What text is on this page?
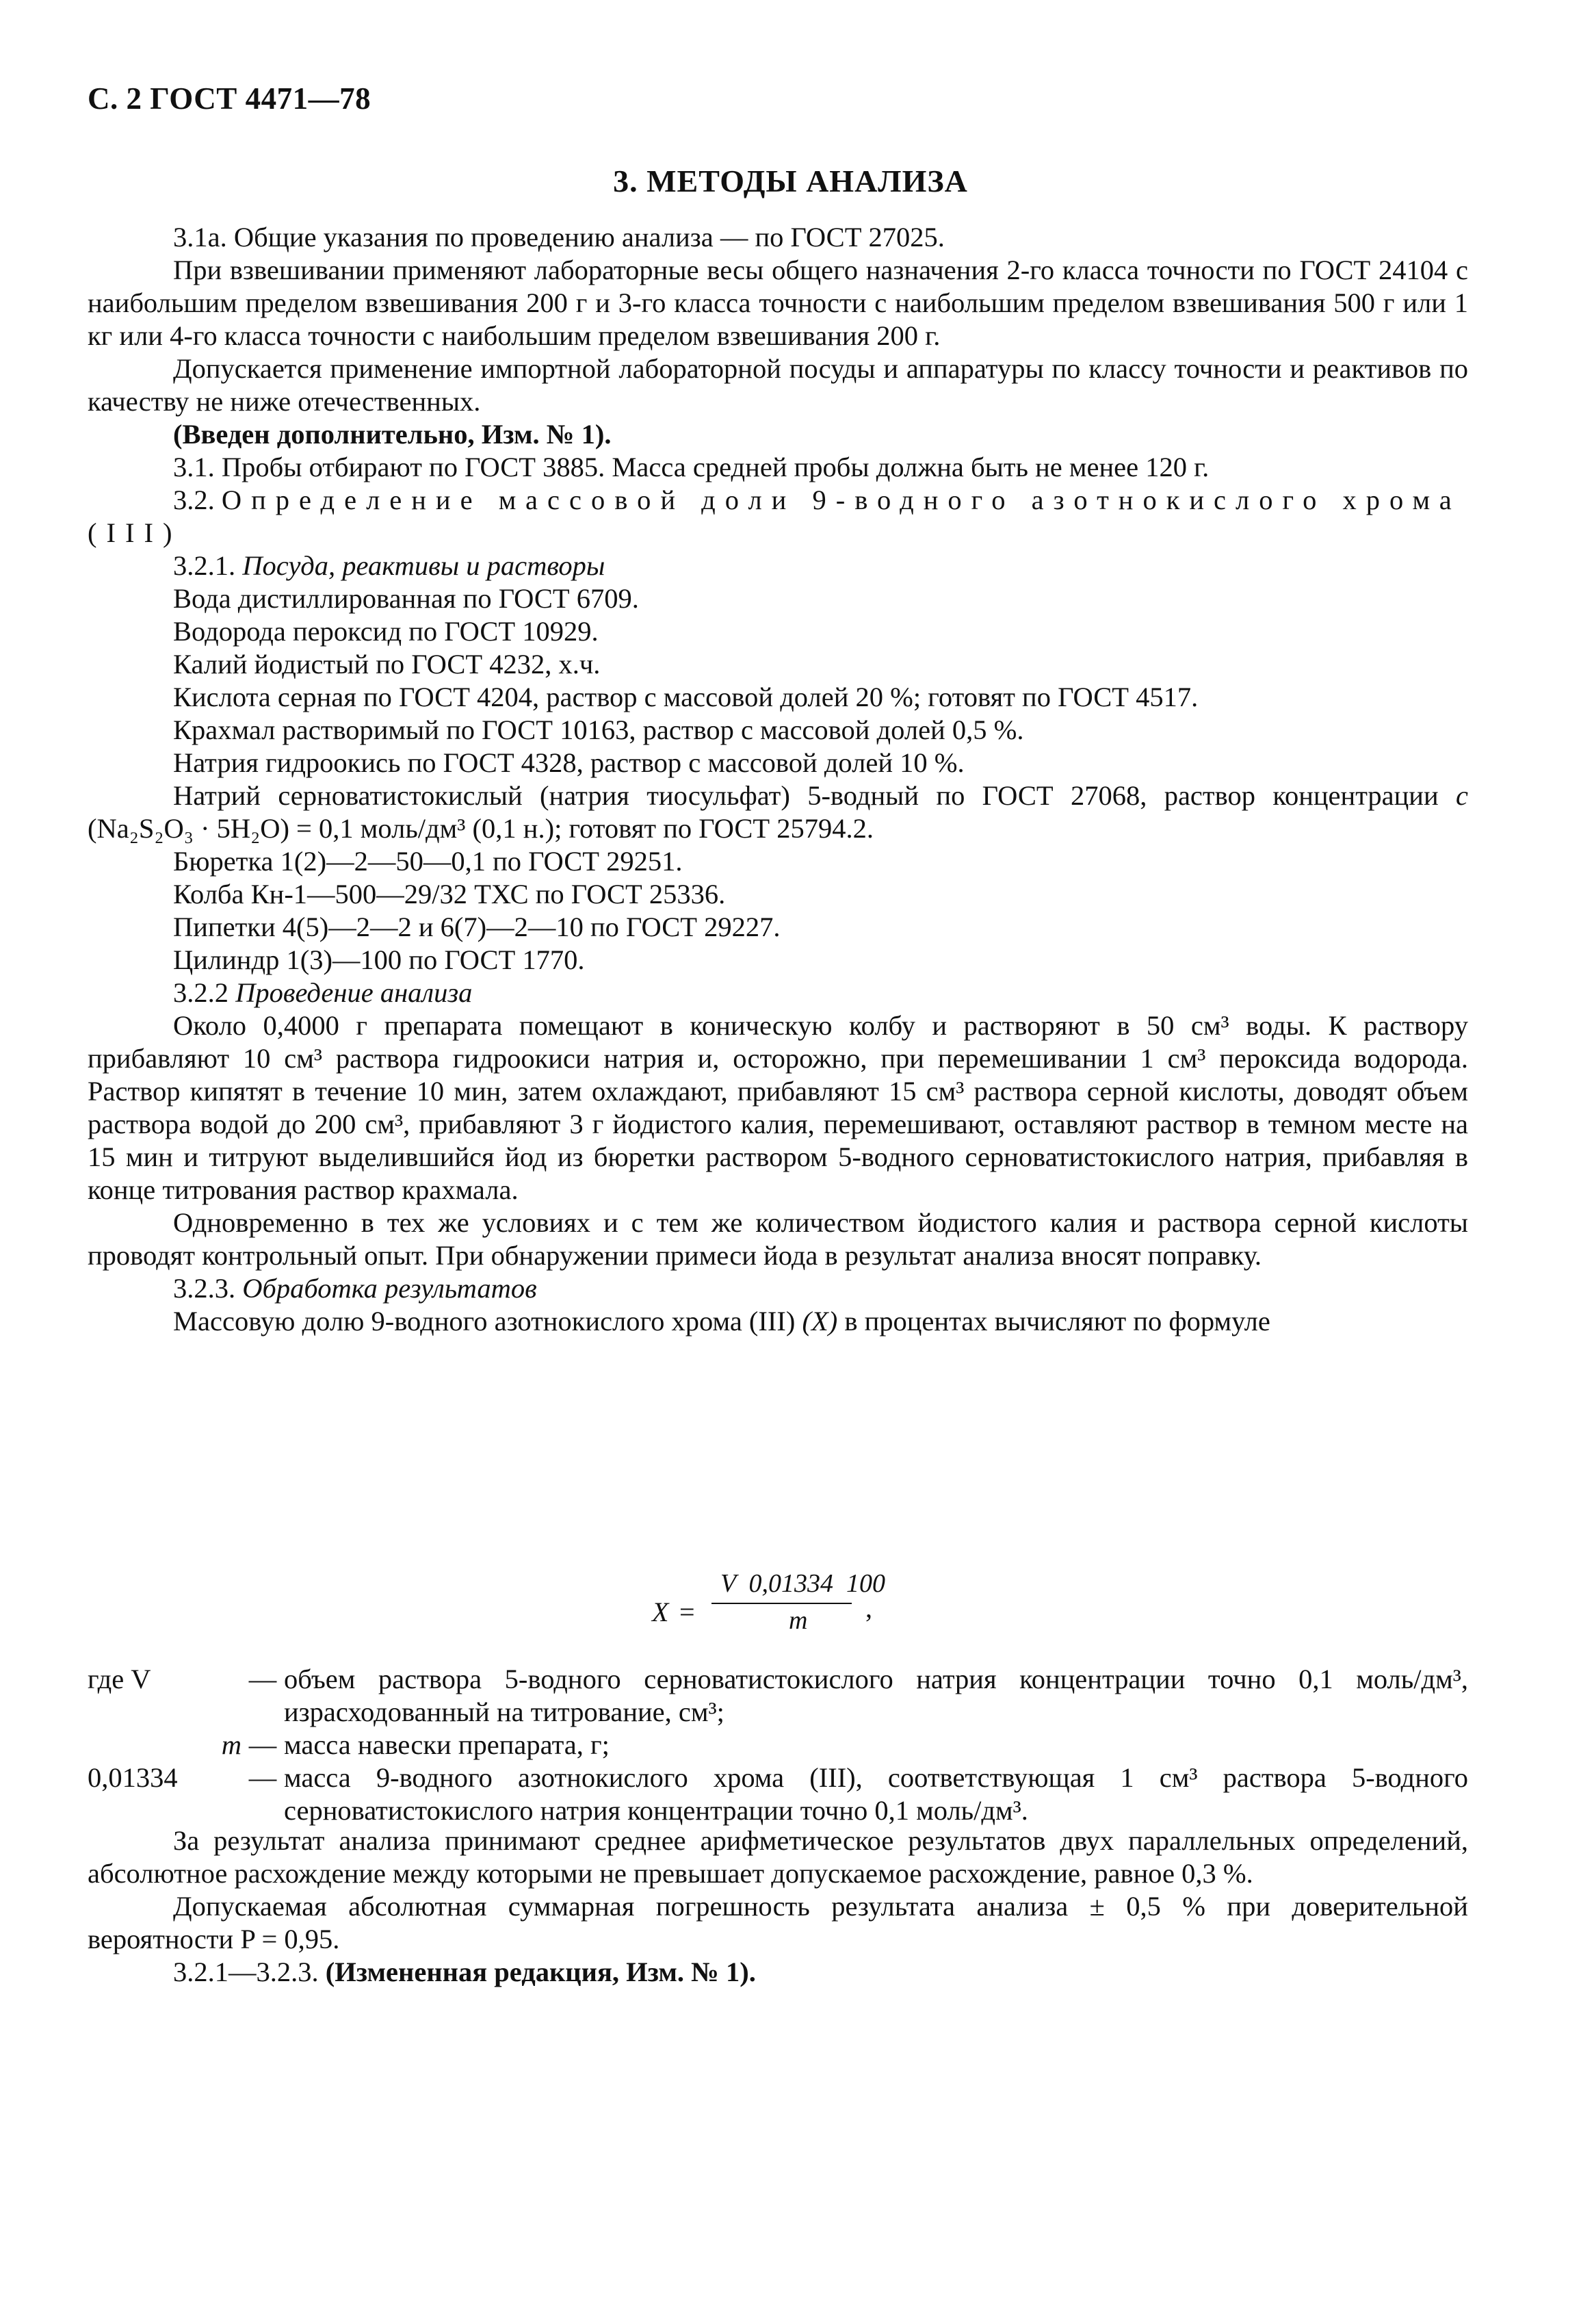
С. 2 ГОСТ 4471—78
3. МЕТОДЫ АНАЛИЗА

3.1а. Общие указания по проведению анализа — по ГОСТ 27025.

При взвешивании применяют лабораторные весы общего назначения 2-го класса точности по ГОСТ 24104 с наибольшим пределом взвешивания 200 г и 3-го класса точности с наибольшим пределом взвешивания 500 г или 1 кг или 4-го класса точности с наибольшим пределом взвешивания 200 г.

Допускается применение импортной лабораторной посуды и аппаратуры по классу точности и реактивов по качеству не ниже отечественных.

(Введен дополнительно, Изм. № 1).

3.1. Пробы отбирают по ГОСТ 3885. Масса средней пробы должна быть не менее 120 г.

3.2. Определение массовой доли 9-водного азотнокислого хрома (III)

3.2.1. Посуда, реактивы и растворы

Вода дистиллированная по ГОСТ 6709.

Водорода пероксид по ГОСТ 10929.

Калий йодистый по ГОСТ 4232, х.ч.

Кислота серная по ГОСТ 4204, раствор с массовой долей 20 %; готовят по ГОСТ 4517.

Крахмал растворимый по ГОСТ 10163, раствор с массовой долей 0,5 %.

Натрия гидроокись по ГОСТ 4328, раствор с массовой долей 10 %.

Натрий серноватистокислый (натрия тиосульфат) 5-водный по ГОСТ 27068, раствор концентрации c (Na₂S₂O₃ · 5H₂O) = 0,1 моль/дм³ (0,1 н.); готовят по ГОСТ 25794.2.

Бюретка 1(2)—2—50—0,1 по ГОСТ 29251.

Колба Кн-1—500—29/32 ТХС по ГОСТ 25336.

Пипетки 4(5)—2—2 и 6(7)—2—10 по ГОСТ 29227.

Цилиндр 1(3)—100 по ГОСТ 1770.

3.2.2 Проведение анализа

Около 0,4000 г препарата помещают в коническую колбу и растворяют в 50 см³ воды. К раствору прибавляют 10 см³ раствора гидроокиси натрия и, осторожно, при перемешивании 1 см³ пероксида водорода. Раствор кипятят в течение 10 мин, затем охлаждают, прибавляют 15 см³ раствора серной кислоты, доводят объем раствора водой до 200 см³, прибавляют 3 г йодистого калия, перемешивают, оставляют раствор в темном месте на 15 мин и титруют выделившийся йод из бюретки раствором 5-водного серноватистокислого натрия, прибавляя в конце титрования раствор крахмала.

Одновременно в тех же условиях и с тем же количеством йодистого калия и раствора серной кислоты проводят контрольный опыт. При обнаружении примеси йода в результат анализа вносят поправку.

3.2.3. Обработка результатов

Массовую долю 9-водного азотнокислого хрома (III) (X) в процентах вычисляют по формуле

X =
V  0,01334  100
m ,
где V	— объем раствора 5-водного серноватистокислого натрия концентрации точно 0,1 моль/дм³, израсходованный на титрование, см³;
m — масса навески препарата, г;
0,01334	— масса 9-водного азотнокислого хрома (III), соответствующая 1 см³ раствора 5-водного серноватистокислого натрия концентрации точно 0,1 моль/дм³.

За результат анализа принимают среднее арифметическое результатов двух параллельных определений, абсолютное расхождение между которыми не превышает допускаемое расхождение, равное 0,3 %.

Допускаемая абсолютная суммарная погрешность результата анализа ± 0,5 % при доверительной вероятности P = 0,95.

3.2.1—3.2.3. (Измененная редакция, Изм. № 1).
